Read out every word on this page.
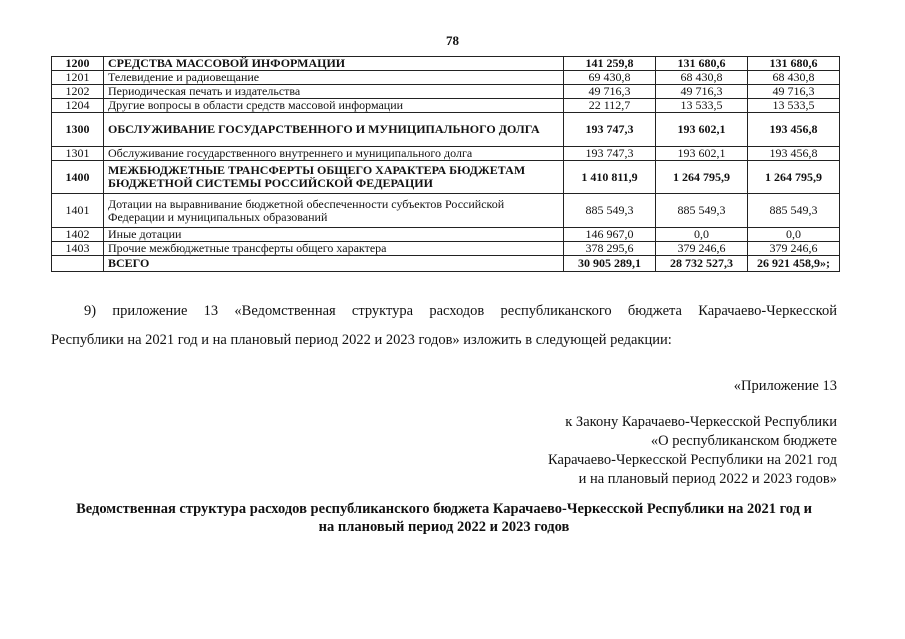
78
1200	СРЕДСТВА МАССОВОЙ ИНФОРМАЦИИ	141 259,8	131 680,6	131 680,6
1201	Телевидение и радиовещание	69 430,8	68 430,8	68 430,8
1202	Периодическая печать и издательства	49 716,3	49 716,3	49 716,3
1204	Другие вопросы в области средств массовой информации	22 112,7	13 533,5	13 533,5
1300	ОБСЛУЖИВАНИЕ ГОСУДАРСТВЕННОГО И МУНИЦИПАЛЬНОГО ДОЛГА	193 747,3	193 602,1	193 456,8
1301	Обслуживание государственного внутреннего и муниципального долга	193 747,3	193 602,1	193 456,8
1400	МЕЖБЮДЖЕТНЫЕ ТРАНСФЕРТЫ ОБЩЕГО ХАРАКТЕРА БЮДЖЕТАМ БЮДЖЕТНОЙ СИСТЕМЫ РОССИЙСКОЙ ФЕДЕРАЦИИ	1 410 811,9	1 264 795,9	1 264 795,9
1401	Дотации на выравнивание бюджетной обеспеченности субъектов Российской Федерации и муниципальных образований	885 549,3	885 549,3	885 549,3
1402	Иные дотации	146 967,0	0,0	0,0
1403	Прочие межбюджетные трансферты общего характера	378 295,6	379 246,6	379 246,6
	ВСЕГО	30 905 289,1	28 732 527,3	26 921 458,9»;
9) приложение 13 «Ведомственная структура расходов республиканского бюджета Карачаево-Черкесской
Республики на 2021 год и на плановый период 2022 и 2023 годов» изложить в следующей редакции:
«Приложение 13
к Закону Карачаево-Черкесской Республики
«О республиканском бюджете
Карачаево-Черкесской Республики на 2021 год
и на плановый период 2022 и 2023 годов»
Ведомственная структура расходов республиканского бюджета Карачаево-Черкесской Республики на 2021 год и
на плановый период 2022 и 2023 годов
